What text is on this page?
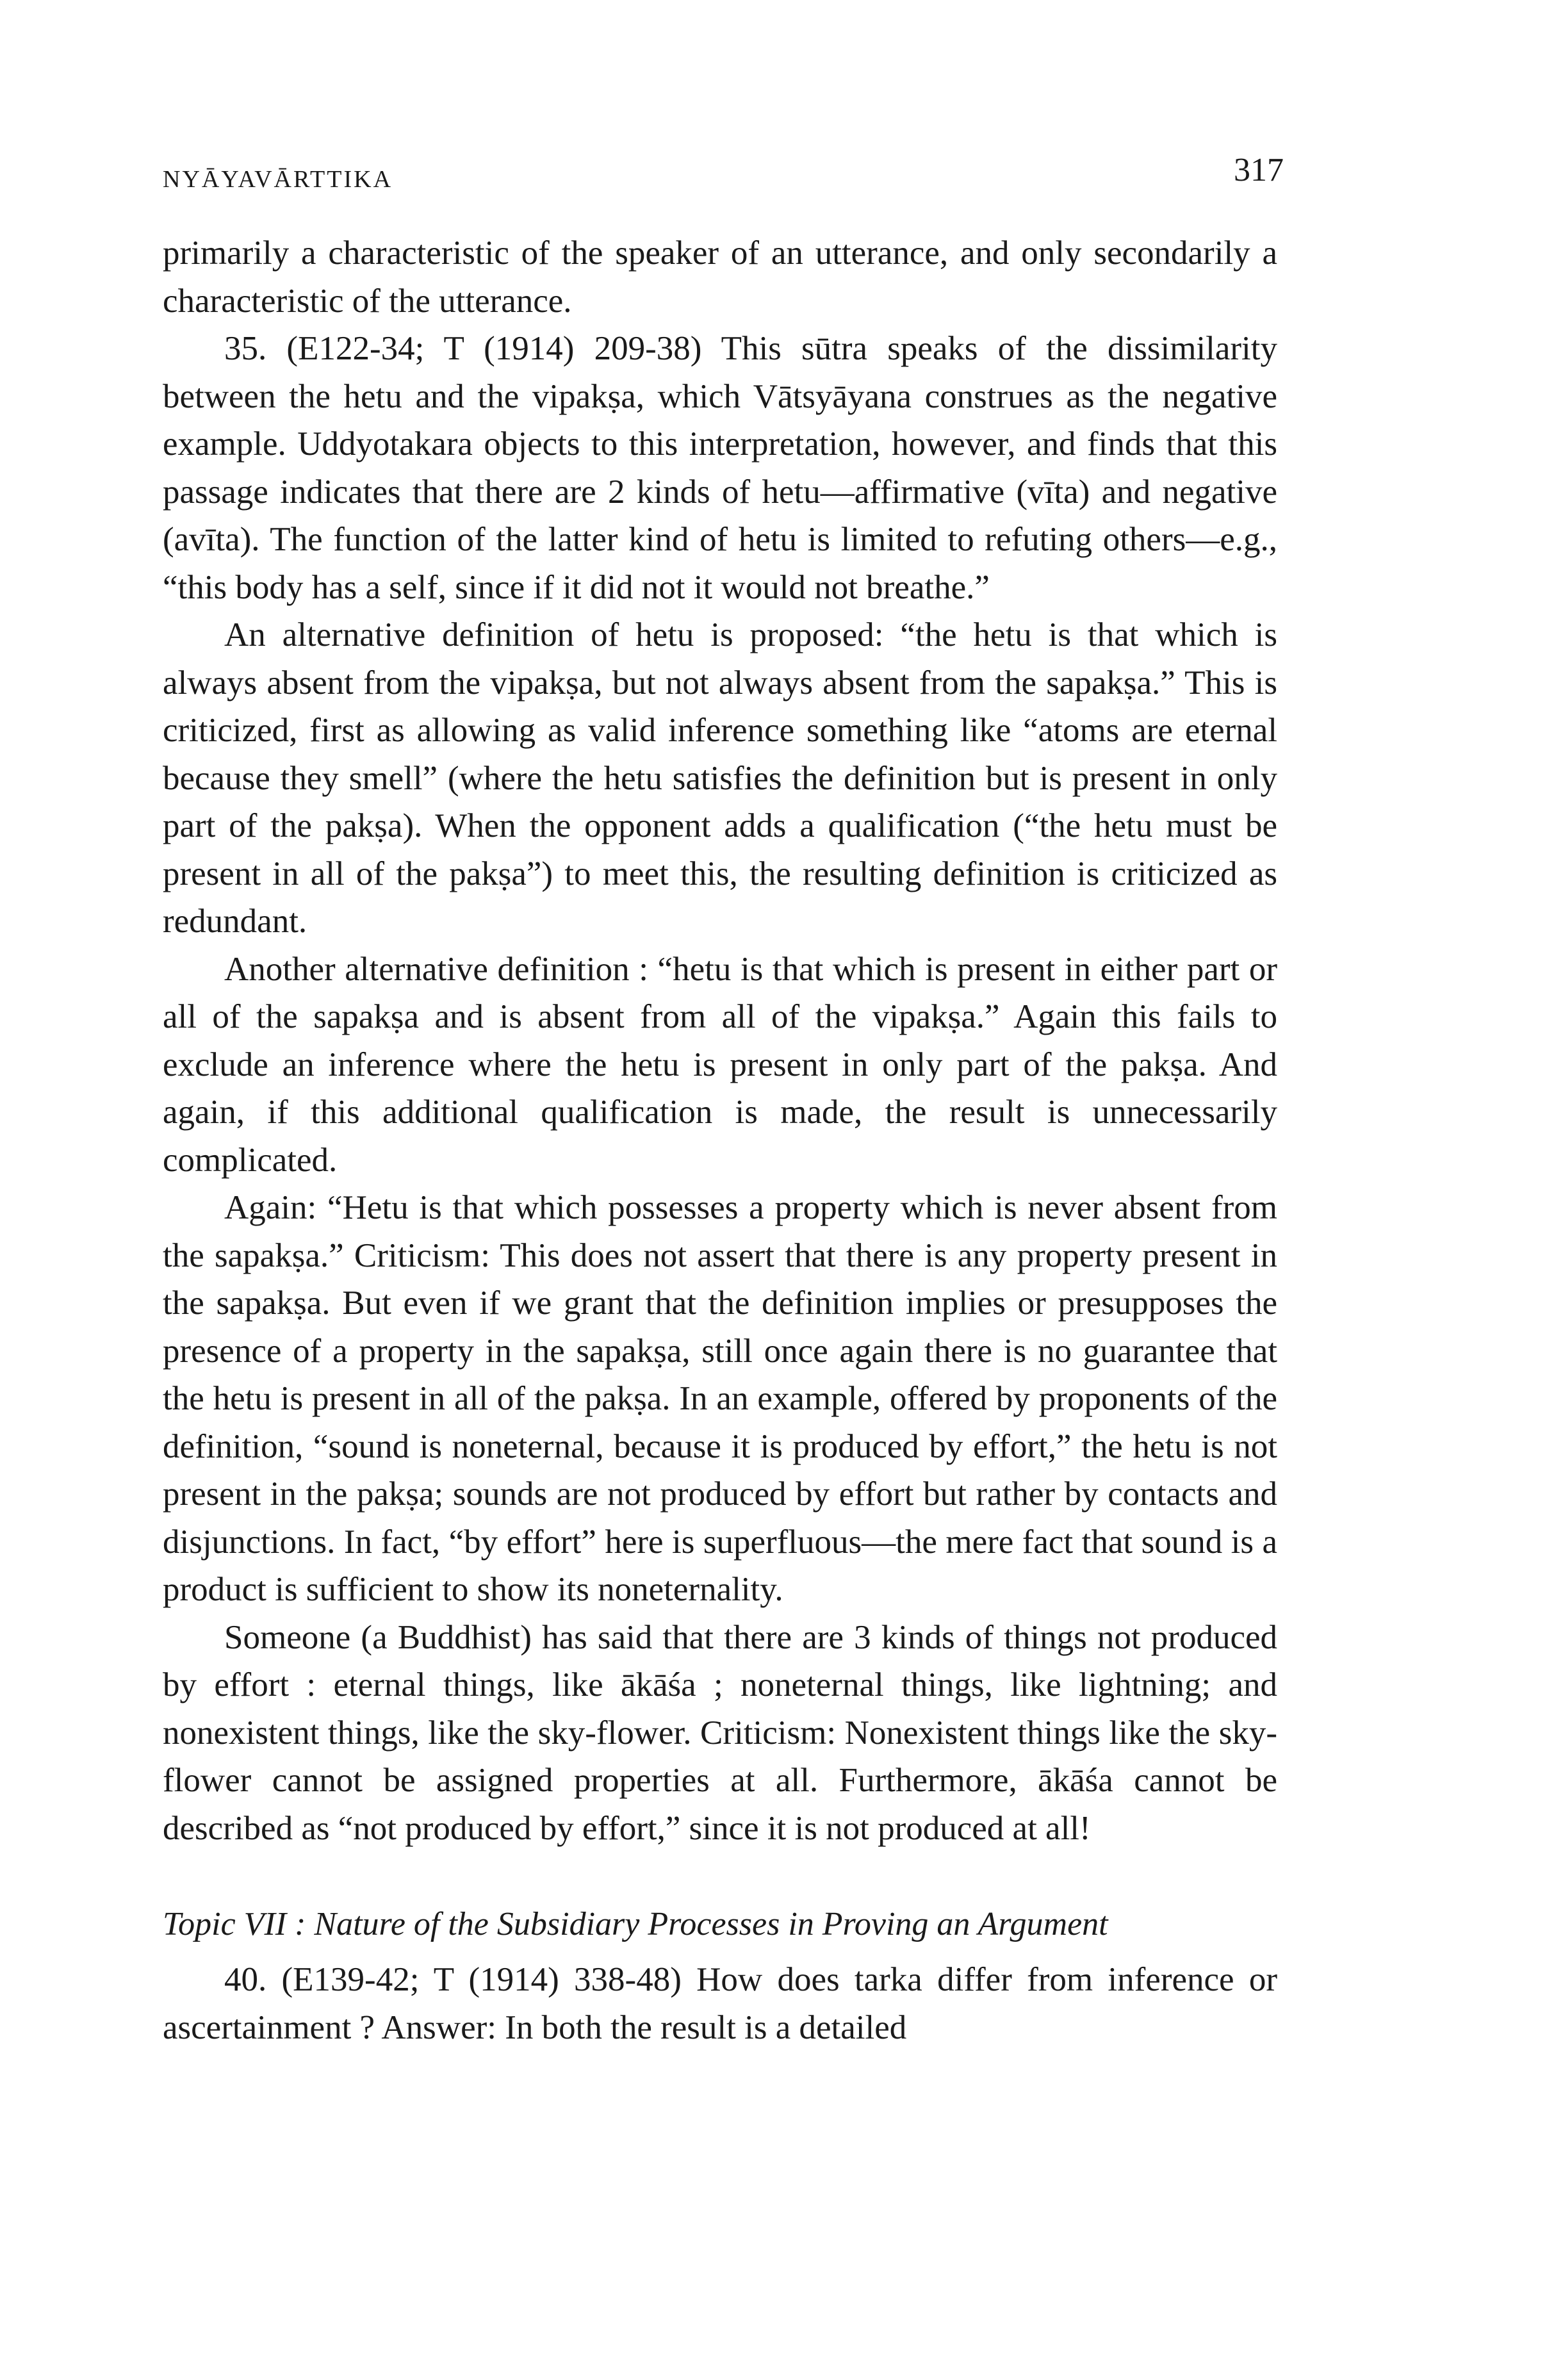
NYĀYAVĀRTTIKA	317

primarily a characteristic of the speaker of an utterance, and only secondarily a characteristic of the utterance.

35. (E122-34; T (1914) 209-38) This sūtra speaks of the dissimilarity between the hetu and the vipakṣa, which Vātsyāyana construes as the negative example. Uddyotakara objects to this interpretation, however, and finds that this passage indicates that there are 2 kinds of hetu—affirmative (vīta) and negative (avīta). The function of the latter kind of hetu is limited to refuting others—e.g., “this body has a self, since if it did not it would not breathe.”

An alternative definition of hetu is proposed: “the hetu is that which is always absent from the vipakṣa, but not always absent from the sapakṣa.” This is criticized, first as allowing as valid inference something like “atoms are eternal because they smell” (where the hetu satisfies the definition but is present in only part of the pakṣa). When the opponent adds a qualification (“the hetu must be present in all of the pakṣa”) to meet this, the resulting definition is criticized as redundant.

Another alternative definition : “hetu is that which is present in either part or all of the sapakṣa and is absent from all of the vipakṣa.” Again this fails to exclude an inference where the hetu is present in only part of the pakṣa. And again, if this additional qualification is made, the result is unnecessarily complicated.

Again: “Hetu is that which possesses a property which is never absent from the sapakṣa.” Criticism: This does not assert that there is any property present in the sapakṣa. But even if we grant that the definition implies or presupposes the presence of a property in the sapakṣa, still once again there is no guarantee that the hetu is present in all of the pakṣa. In an example, offered by proponents of the definition, “sound is noneternal, because it is produced by effort,” the hetu is not present in the pakṣa; sounds are not produced by effort but rather by contacts and disjunctions. In fact, “by effort” here is superfluous—the mere fact that sound is a product is sufficient to show its noneternality.

Someone (a Buddhist) has said that there are 3 kinds of things not produced by effort : eternal things, like ākāśa ; noneternal things, like lightning; and nonexistent things, like the sky-flower. Criticism: Nonexistent things like the sky-flower cannot be assigned properties at all. Furthermore, ākāśa cannot be described as “not produced by effort,” since it is not produced at all!

Topic VII : Nature of the Subsidiary Processes in Proving an Argument

40. (E139-42; T (1914) 338-48) How does tarka differ from inference or ascertainment ? Answer: In both the result is a detailed
